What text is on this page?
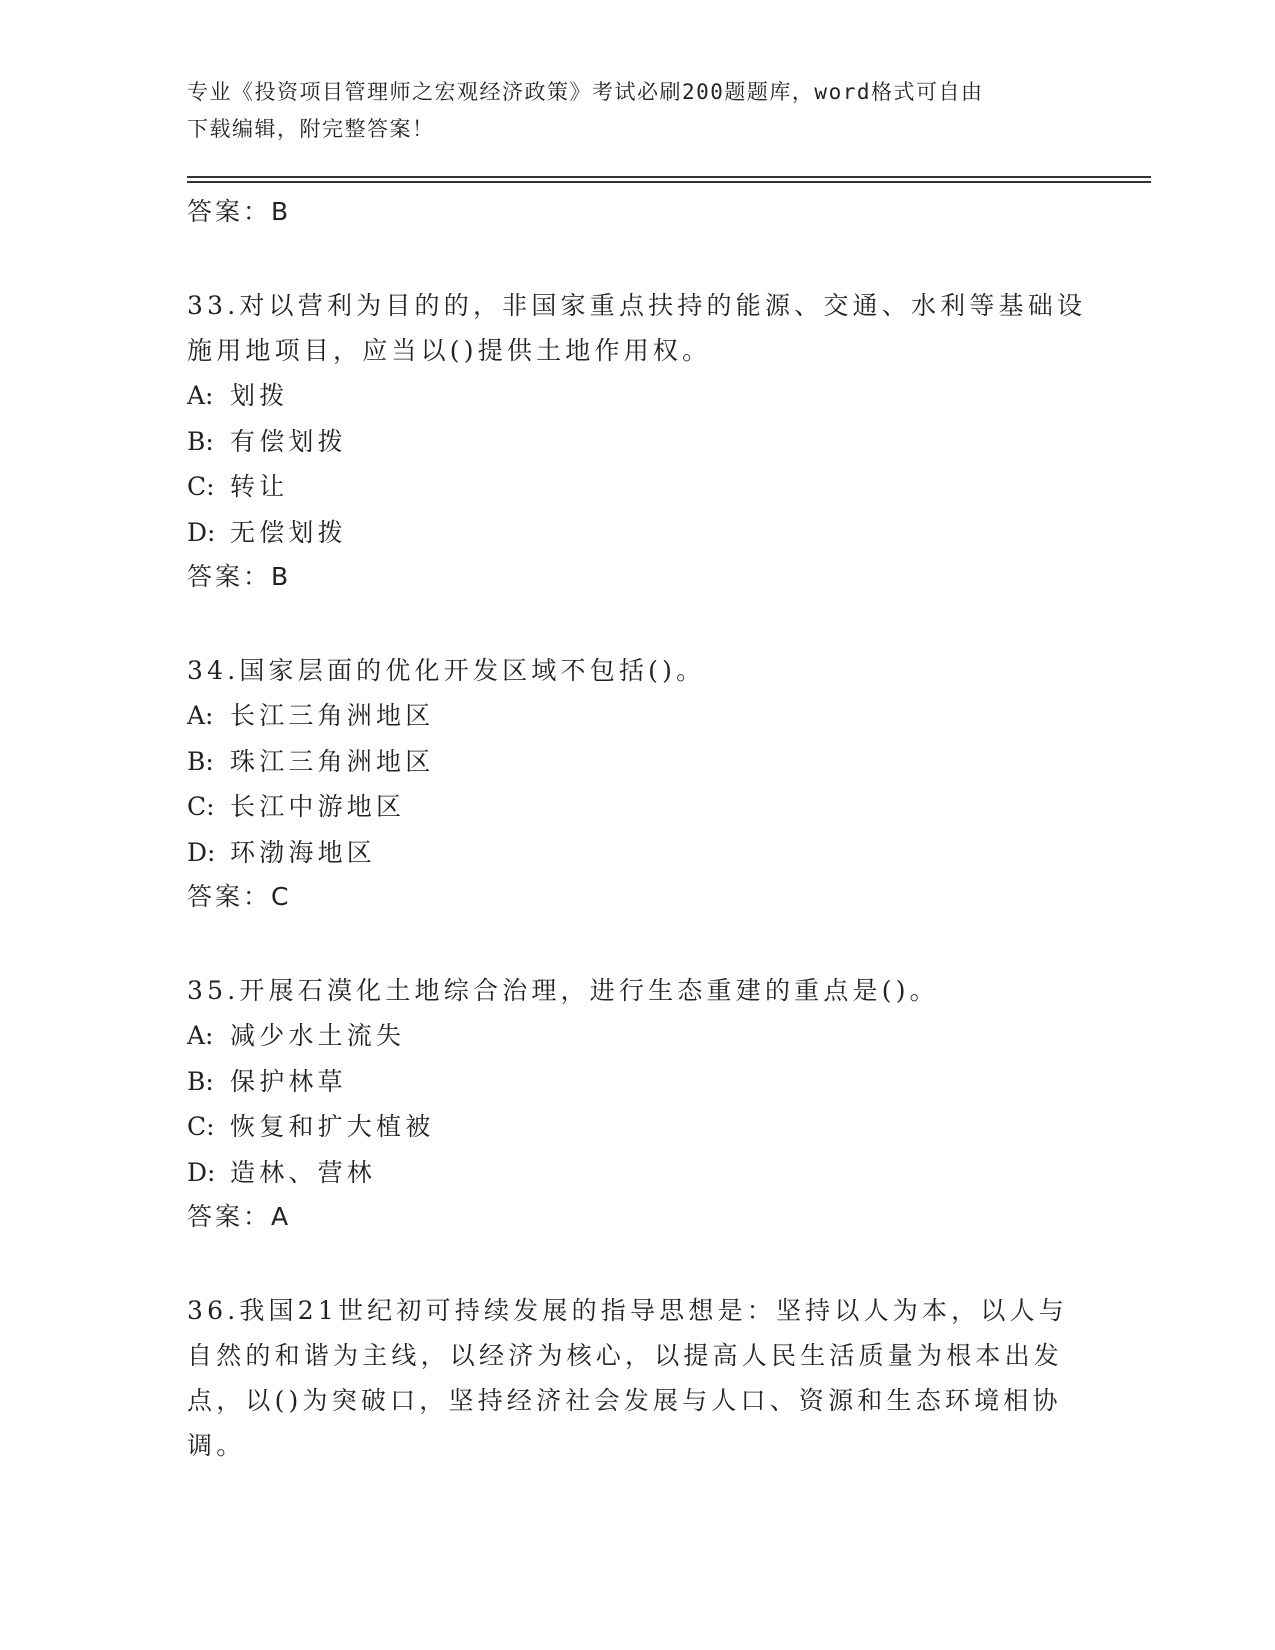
专业《投资项目管理师之宏观经济政策》考试必刷200题题库，word格式可自由
下载编辑，附完整答案！
答案：B
33.对以营利为目的的，非国家重点扶持的能源、交通、水利等基础设
施用地项目，应当以()提供土地作用权。
A: 划拨
B: 有偿划拨
C: 转让
D: 无偿划拨
答案：B
34.国家层面的优化开发区域不包括()。
A: 长江三角洲地区
B: 珠江三角洲地区
C: 长江中游地区
D: 环渤海地区
答案：C
35.开展石漠化土地综合治理，进行生态重建的重点是()。
A: 减少水土流失
B: 保护林草
C: 恢复和扩大植被
D: 造林、营林
答案：A
36.我国21世纪初可持续发展的指导思想是：坚持以人为本，以人与
自然的和谐为主线，以经济为核心，以提高人民生活质量为根本出发
点，以()为突破口，坚持经济社会发展与人口、资源和生态环境相协
调。
